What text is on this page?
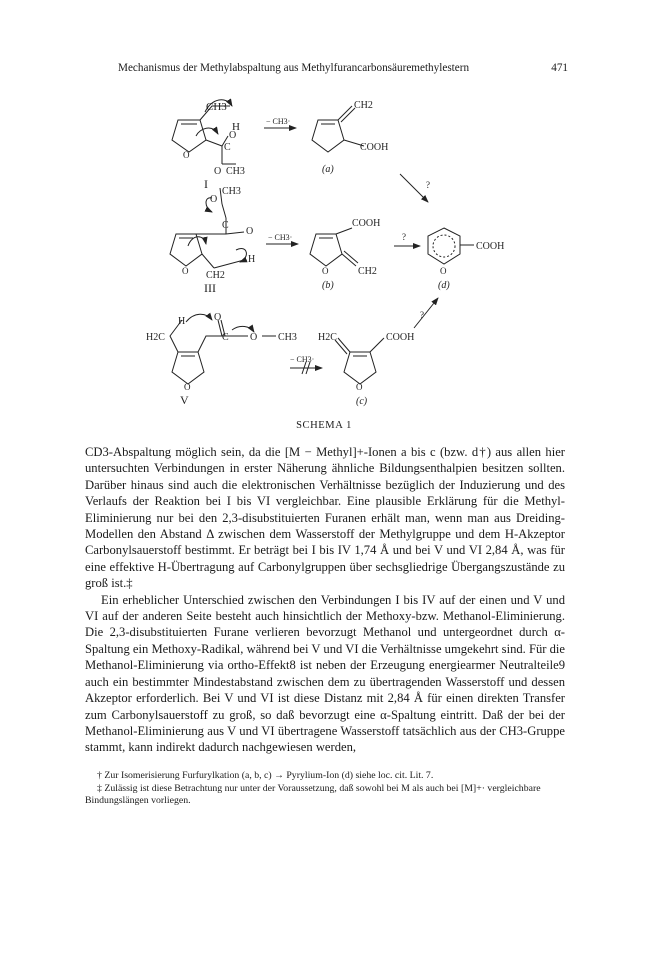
Mechanismus der Methylabspaltung aus Methylfurancarbonsäuremethylestern	471
CH3
H
O
C
O
O CH3
I
− CH3·
CH2
COOH
(a)
?
O
CH3
C
O
H
CH2
O
III
− CH3·
COOH
CH2
O
(b)
?
COOH
O
(d)
?
H2C
H	O
C O CH3
O
V
− CH3·
H2C	COOH
O
(c)
SCHEMA 1

CD3-Abspaltung möglich sein, da die [M − Methyl]+-Ionen a bis c (bzw. d†) aus allen hier untersuchten Verbindungen in erster Näherung ähnliche Bildungsenthalpien besitzen sollten. Darüber hinaus sind auch die elektronischen Verhältnisse bezüglich der Induzierung und des Verlaufs der Reaktion bei I bis VI vergleichbar. Eine plausible Erklärung für die Methyl-Eliminierung nur bei den 2,3-disubstituierten Furanen erhält man, wenn man aus Dreiding-Modellen den Abstand Δ zwischen dem Wasserstoff der Methylgruppe und dem H-Akzeptor Carbonylsauerstoff bestimmt. Er beträgt bei I bis IV 1,74 Å und bei V und VI 2,84 Å, was für eine effektive H-Übertragung auf Carbonylgruppen über sechsgliedrige Übergangszustände zu groß ist.‡

Ein erheblicher Unterschied zwischen den Verbindungen I bis IV auf der einen und V und VI auf der anderen Seite besteht auch hinsichtlich der Methoxy-bzw. Methanol-Eliminierung. Die 2,3-disubstituierten Furane verlieren bevorzugt Methanol und untergeordnet durch α-Spaltung ein Methoxy-Radikal, während bei V und VI die Verhältnisse umgekehrt sind. Für die Methanol-Eliminierung via ortho-Effekt8 ist neben der Erzeugung energiearmer Neutralteile9 auch ein bestimmter Mindestabstand zwischen dem zu übertragenden Wasserstoff und dessen Akzeptor erforderlich. Bei V und VI ist diese Distanz mit 2,84 Å für einen direkten Transfer zum Carbonylsauerstoff zu groß, so daß bevorzugt eine α-Spaltung eintritt. Daß der bei der Methanol-Eliminierung aus V und VI übertragene Wasserstoff tatsächlich aus der CH3-Gruppe stammt, kann indirekt dadurch nachgewiesen werden,

† Zur Isomerisierung Furfurylkation (a, b, c) → Pyrylium-Ion (d) siehe loc. cit. Lit. 7.

‡ Zulässig ist diese Betrachtung nur unter der Voraussetzung, daß sowohl bei M als auch bei [M]+· vergleichbare Bindungslängen vorliegen.
